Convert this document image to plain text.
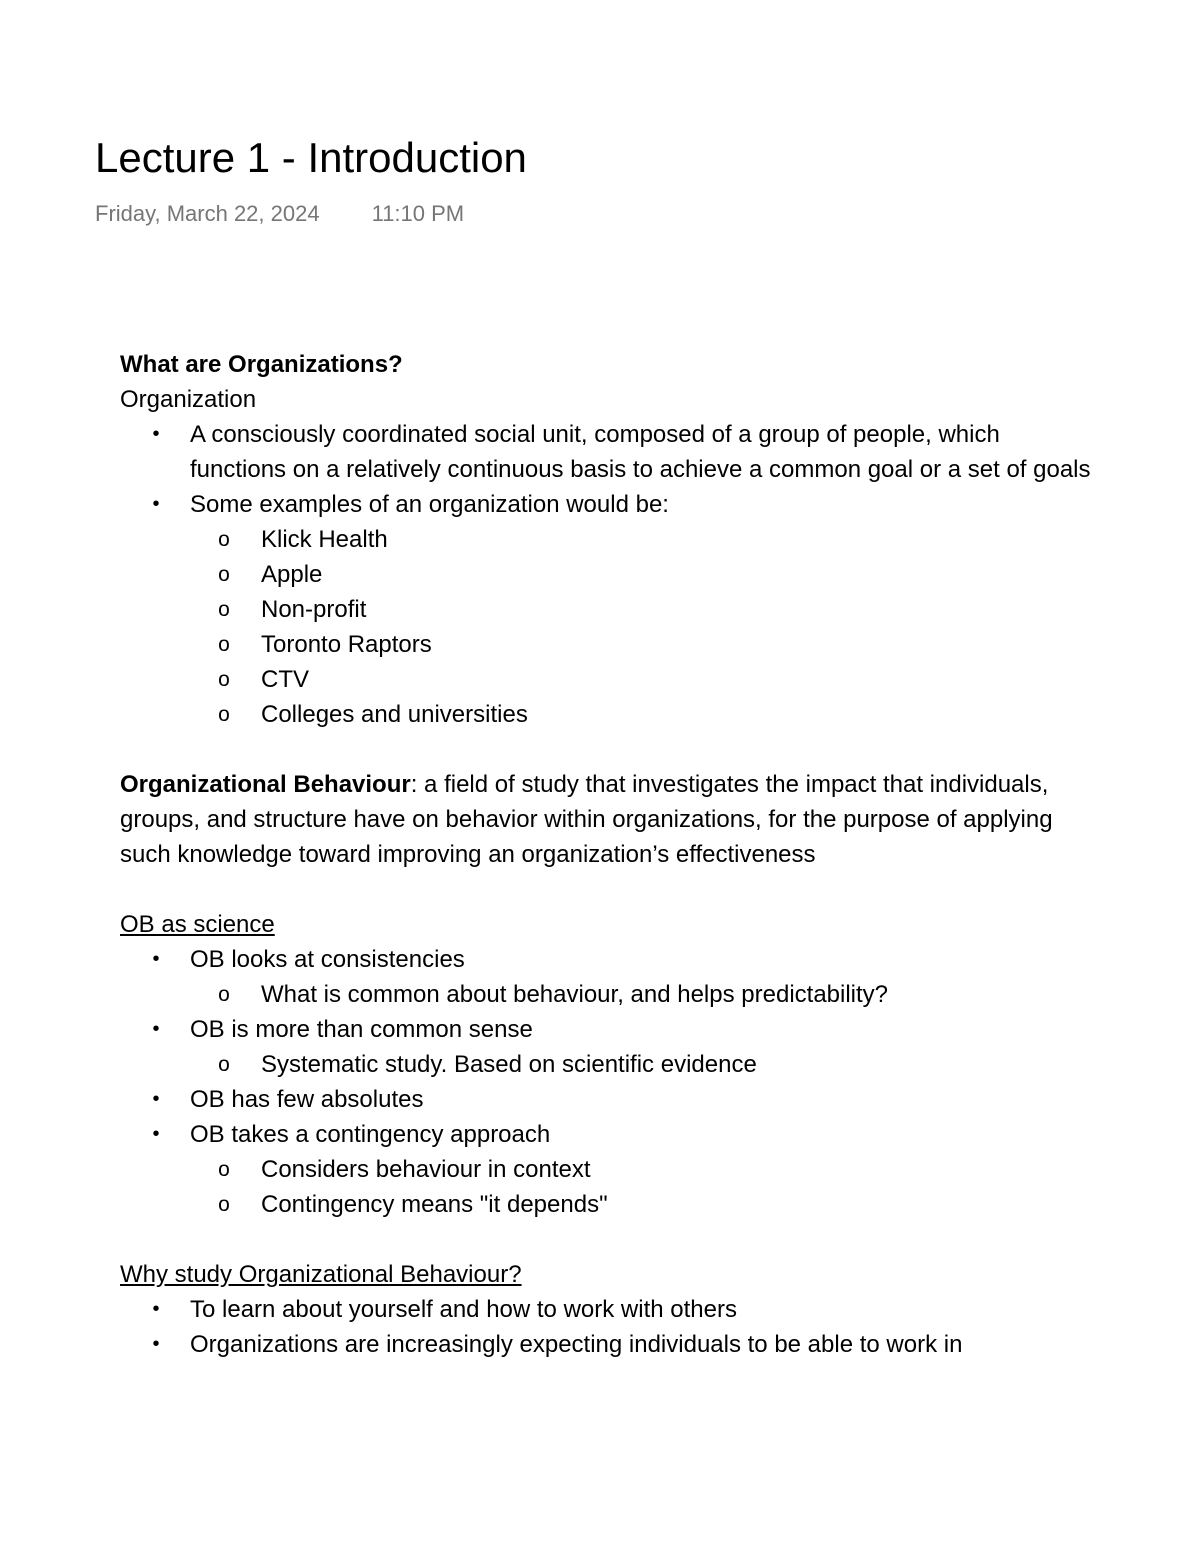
Lecture 1 - Introduction
Friday, March 22, 2024 11:10 PM

What are Organizations?

Organization

• A consciously coordinated social unit, composed of a group of people, which functions on a relatively continuous basis to achieve a common goal or a set of goals
• Some examples of an organization would be:
o Klick Health
o Apple
o Non-profit
o Toronto Raptors
o CTV
o Colleges and universities

Organizational Behaviour: a field of study that investigates the impact that individuals, groups, and structure have on behavior within organizations, for the purpose of applying such knowledge toward improving an organization’s effectiveness

OB as science

• OB looks at consistencies
o What is common about behaviour, and helps predictability?
• OB is more than common sense
o Systematic study. Based on scientific evidence
• OB has few absolutes
• OB takes a contingency approach
o Considers behaviour in context
o Contingency means "it depends"

Why study Organizational Behaviour?

• To learn about yourself and how to work with others
• Organizations are increasingly expecting individuals to be able to work in
